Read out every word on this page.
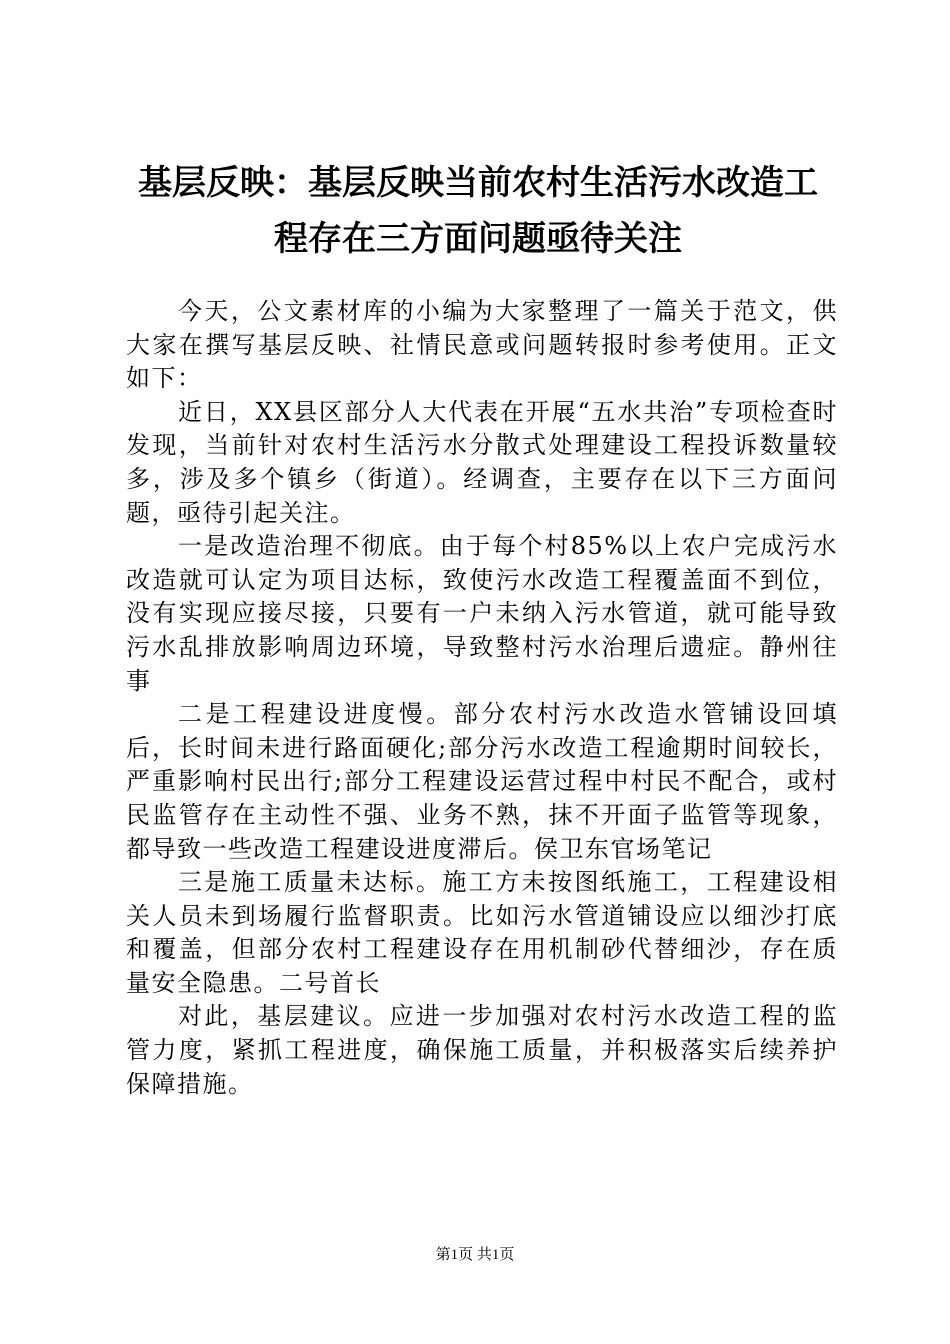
基层反映：基层反映当前农村生活污水改造工
程存在三方面问题亟待关注

今天，公文素材库的小编为大家整理了一篇关于范文，供大家在撰写基层反映、社情民意或问题转报时参考使用。正文如下：

近日，XX县区部分人大代表在开展“五水共治”专项检查时发现，当前针对农村生活污水分散式处理建设工程投诉数量较多，涉及多个镇乡（街道）。经调查，主要存在以下三方面问题，亟待引起关注。

一是改造治理不彻底。由于每个村85%以上农户完成污水改造就可认定为项目达标，致使污水改造工程覆盖面不到位，没有实现应接尽接，只要有一户未纳入污水管道，就可能导致污水乱排放影响周边环境，导致整村污水治理后遗症。静州往事

二是工程建设进度慢。部分农村污水改造水管铺设回填后，长时间未进行路面硬化;部分污水改造工程逾期时间较长，严重影响村民出行;部分工程建设运营过程中村民不配合，或村民监管存在主动性不强、业务不熟，抹不开面子监管等现象，都导致一些改造工程建设进度滞后。侯卫东官场笔记

三是施工质量未达标。施工方未按图纸施工，工程建设相关人员未到场履行监督职责。比如污水管道铺设应以细沙打底和覆盖，但部分农村工程建设存在用机制砂代替细沙，存在质量安全隐患。二号首长

对此，基层建议。应进一步加强对农村污水改造工程的监管力度，紧抓工程进度，确保施工质量，并积极落实后续养护保障措施。

第1页 共1页
